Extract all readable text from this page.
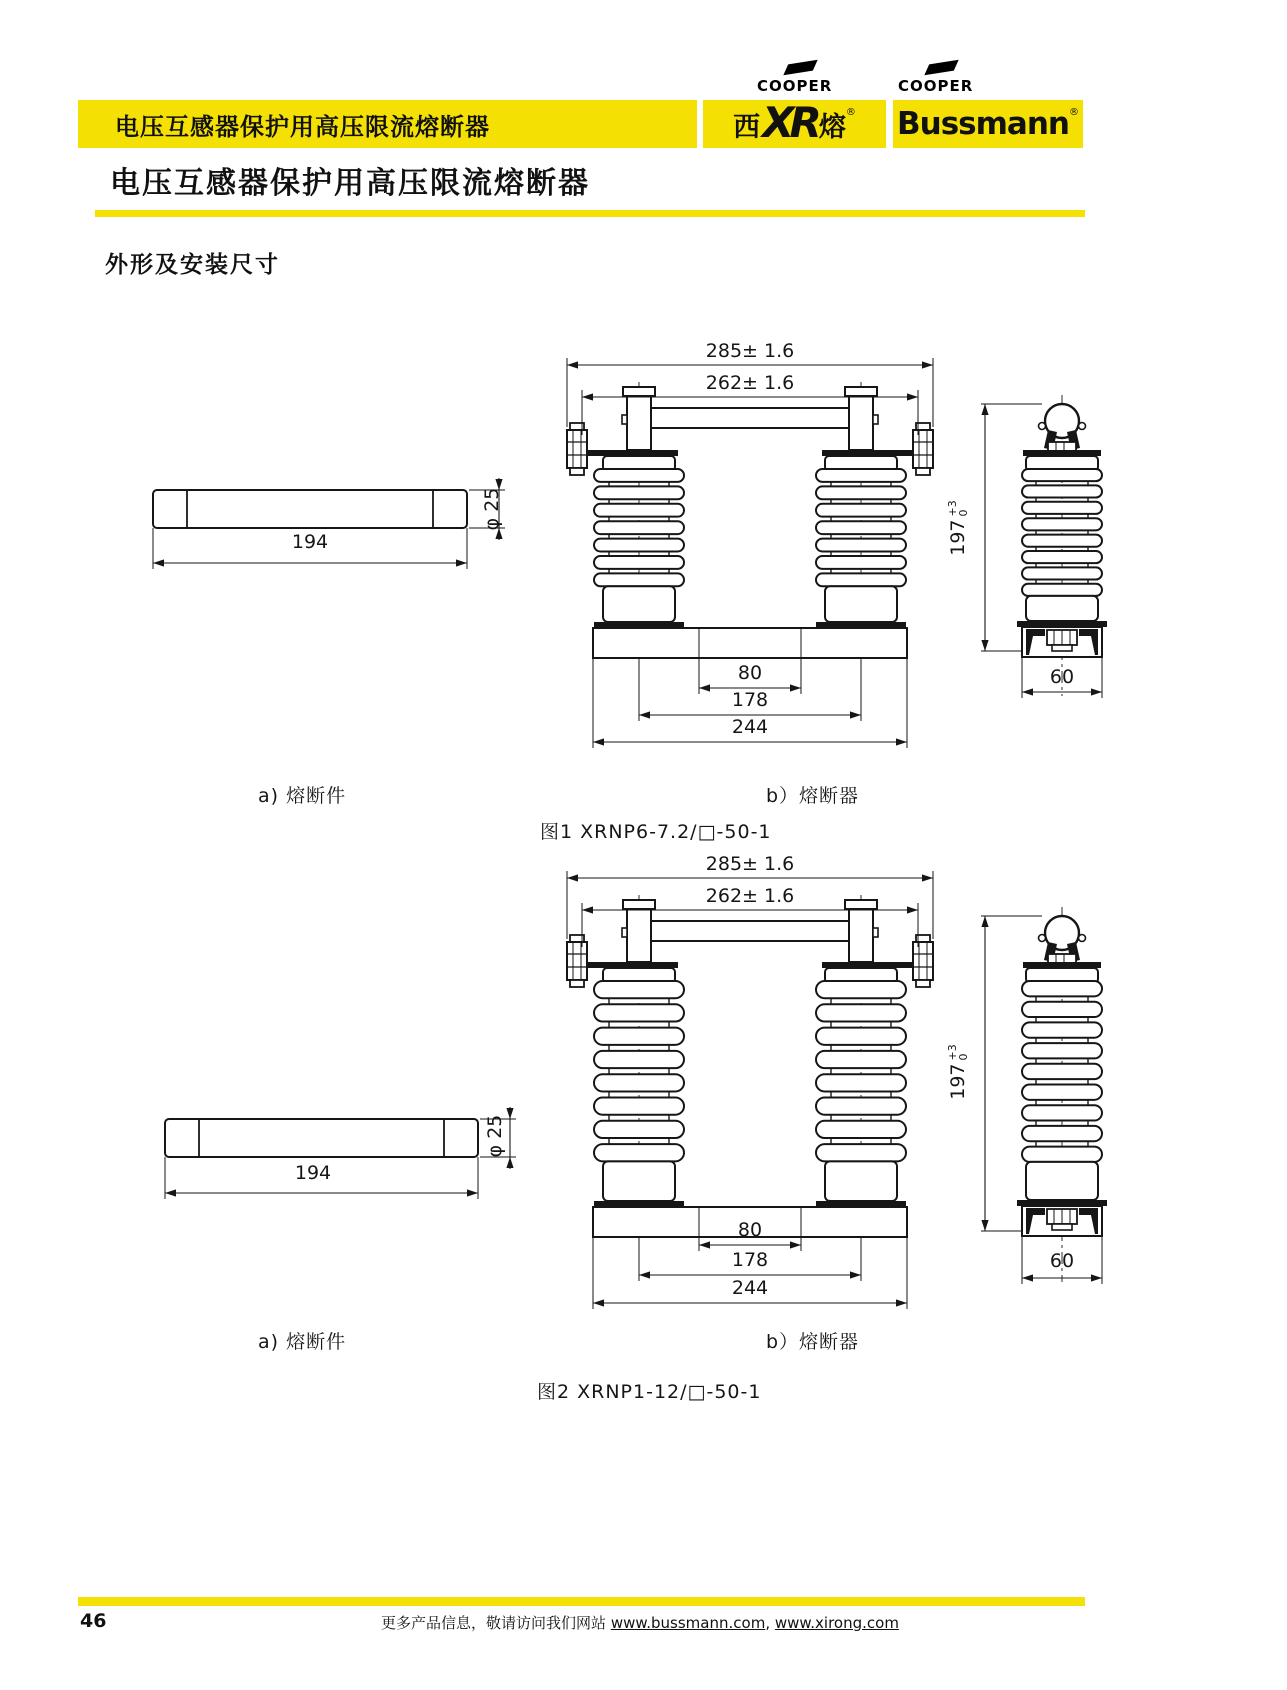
COOPER	COOPER
电压互感器保护用高压限流熔断器	西 XR 熔 ® Bussmann ®
电压互感器保护用高压限流熔断器
外形及安装尺寸
285± 1.6
262± 1.6
80
178
244
194
φ 25
197
+3
0
60
a) 熔断件	b）熔断器
图1 XRNP6-7.2/□-50-1
285± 1.6
262± 1.6
80
178
244
194
φ 25
197
+3
0
60
a) 熔断件	b）熔断器
图2 XRNP1-12/□-50-1
46	更多产品信息，敬请访问我们网站 www.bussmann.com, www.xirong.com
